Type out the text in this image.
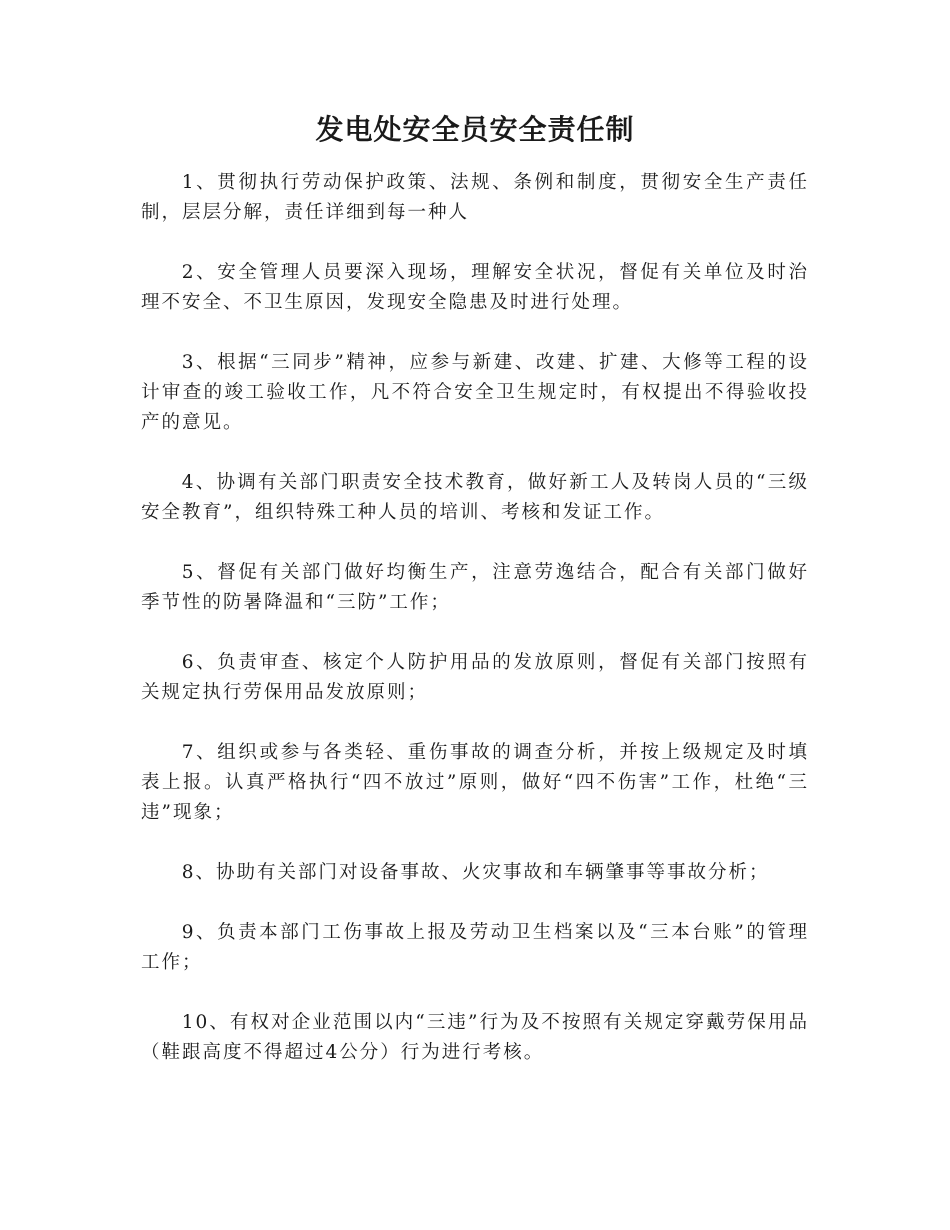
发电处安全员安全责任制

1、贯彻执行劳动保护政策、法规、条例和制度，贯彻安全生产责任制，层层分解，责任详细到每一种人

2、安全管理人员要深入现场，理解安全状况，督促有关单位及时治理不安全、不卫生原因，发现安全隐患及时进行处理。

3、根据“三同步”精神，应参与新建、改建、扩建、大修等工程的设计审查的竣工验收工作，凡不符合安全卫生规定时，有权提出不得验收投产的意见。

4、协调有关部门职责安全技术教育，做好新工人及转岗人员的“三级安全教育”，组织特殊工种人员的培训、考核和发证工作。

5、督促有关部门做好均衡生产，注意劳逸结合，配合有关部门做好季节性的防暑降温和“三防”工作；

6、负责审查、核定个人防护用品的发放原则，督促有关部门按照有关规定执行劳保用品发放原则；

7、组织或参与各类轻、重伤事故的调查分析，并按上级规定及时填表上报。认真严格执行“四不放过”原则，做好“四不伤害”工作，杜绝“三违”现象；

8、协助有关部门对设备事故、火灾事故和车辆肇事等事故分析；

9、负责本部门工伤事故上报及劳动卫生档案以及“三本台账”的管理工作；

10、有权对企业范围以内“三违”行为及不按照有关规定穿戴劳保用品（鞋跟高度不得超过4公分）行为进行考核。
